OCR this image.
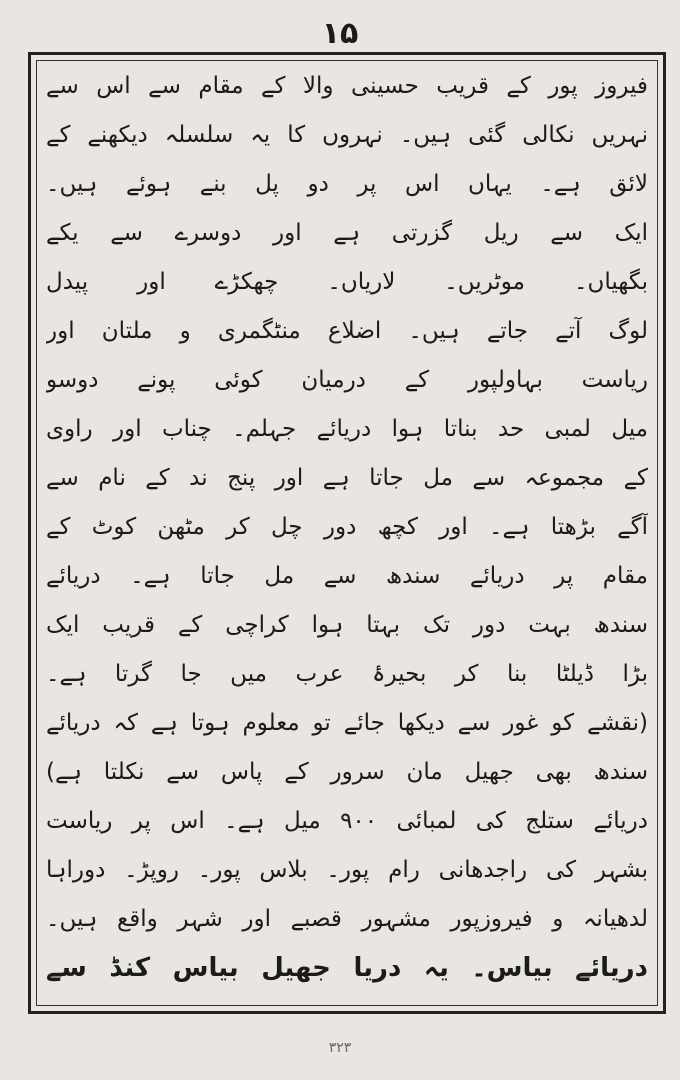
۱۵
فیروز پور کے قریب حسینی والا کے مقام سے اس سے
نہریں نکالی گئی ہیں۔ نہروں کا یہ سلسلہ دیکھنے کے
لائق ہے۔ یہاں اس پر دو پل بنے ہوئے ہیں۔
ایک سے ریل گزرتی ہے اور دوسرے سے یکے
بگھیاں۔ موٹریں۔ لاریاں۔ چھکڑے اور پیدل
لوگ آتے جاتے ہیں۔ اضلاع منٹگمری و ملتان اور
ریاست بہاولپور کے درمیان کوئی پونے دوسو
میل لمبی حد بناتا ہوا دریائے جہلم۔ چناب اور راوی
کے مجموعہ سے مل جاتا ہے اور پنج ند کے نام سے
آگے بڑھتا ہے۔ اور کچھ دور چل کر مٹھن کوٹ کے
مقام پر دریائے سندھ سے مل جاتا ہے۔ دریائے
سندھ بہت دور تک بہتا ہوا کراچی کے قریب ایک
بڑا ڈیلٹا بنا کر بحیرۂ عرب میں جا گرتا ہے۔
(نقشے کو غور سے دیکھا جائے تو معلوم ہوتا ہے کہ دریائے
سندھ بھی جھیل مان سرور کے پاس سے نکلتا ہے)
دریائے ستلج کی لمبائی ۹۰۰ میل ہے۔ اس پر ریاست
بشہر کی راجدھانی رام پور۔ بلاس پور۔ روپڑ۔ دوراہا
لدھیانہ و فیروزپور مشہور قصبے اور شہر واقع ہیں۔
دریائے بیاس۔ یہ دریا جھیل بیاس کنڈ سے
۳۲۳
